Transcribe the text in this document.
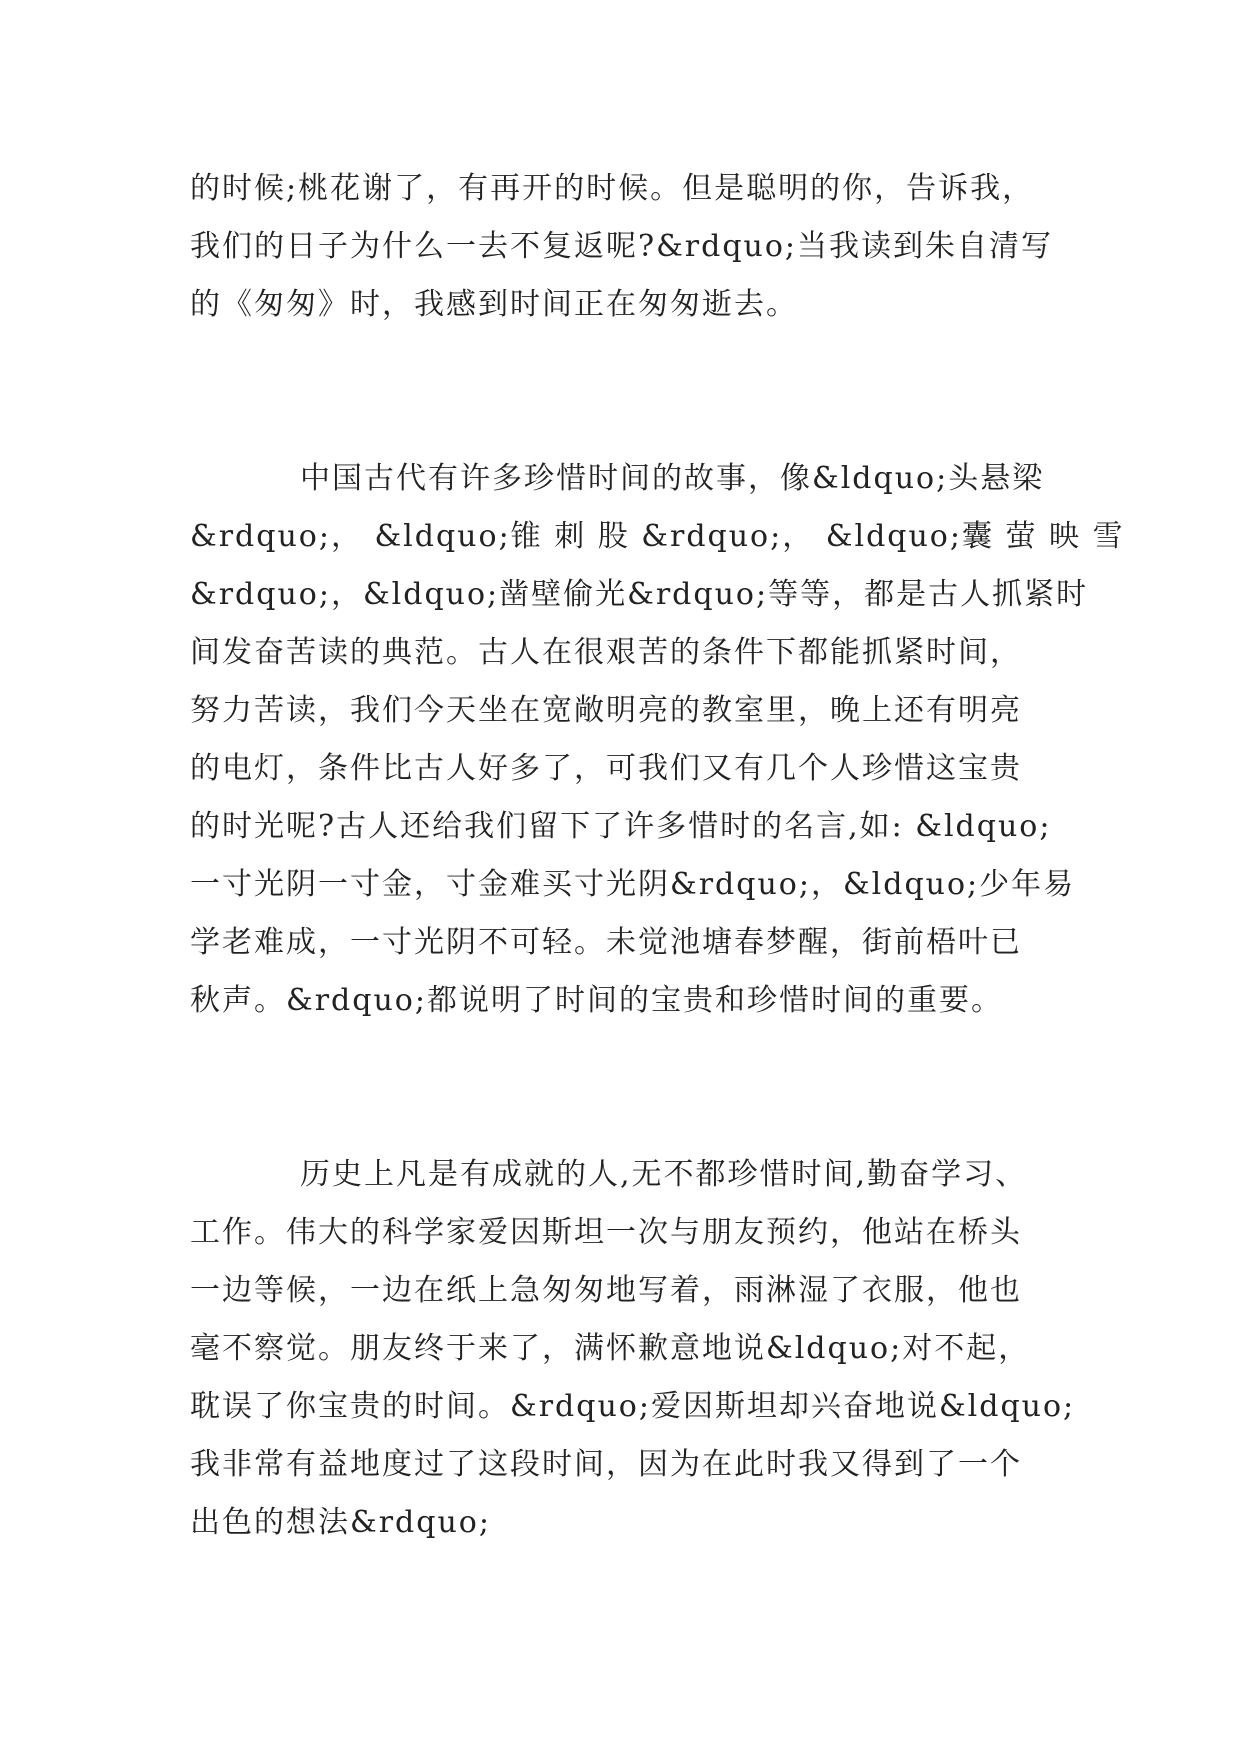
的时候;桃花谢了，有再开的时候。但是聪明的你，告诉我，
我们的日子为什么一去不复返呢?&rdquo;当我读到朱自清写
的《匆匆》时，我感到时间正在匆匆逝去。

中国古代有许多珍惜时间的故事，像&ldquo;头悬梁
&rdquo;， &ldquo;锥 刺 股 &rdquo;， &ldquo;囊 萤 映 雪
&rdquo;，&ldquo;凿壁偷光&rdquo;等等，都是古人抓紧时
间发奋苦读的典范。古人在很艰苦的条件下都能抓紧时间，
努力苦读，我们今天坐在宽敞明亮的教室里，晚上还有明亮
的电灯，条件比古人好多了，可我们又有几个人珍惜这宝贵
的时光呢?古人还给我们留下了许多惜时的名言,如: &ldquo;
一寸光阴一寸金，寸金难买寸光阴&rdquo;，&ldquo;少年易
学老难成，一寸光阴不可轻。未觉池塘春梦醒，街前梧叶已
秋声。&rdquo;都说明了时间的宝贵和珍惜时间的重要。

历史上凡是有成就的人,无不都珍惜时间,勤奋学习、
工作。伟大的科学家爱因斯坦一次与朋友预约，他站在桥头
一边等候，一边在纸上急匆匆地写着，雨淋湿了衣服，他也
毫不察觉。朋友终于来了，满怀歉意地说&ldquo;对不起，
耽误了你宝贵的时间。&rdquo;爱因斯坦却兴奋地说&ldquo;
我非常有益地度过了这段时间，因为在此时我又得到了一个
出色的想法&rdquo;
